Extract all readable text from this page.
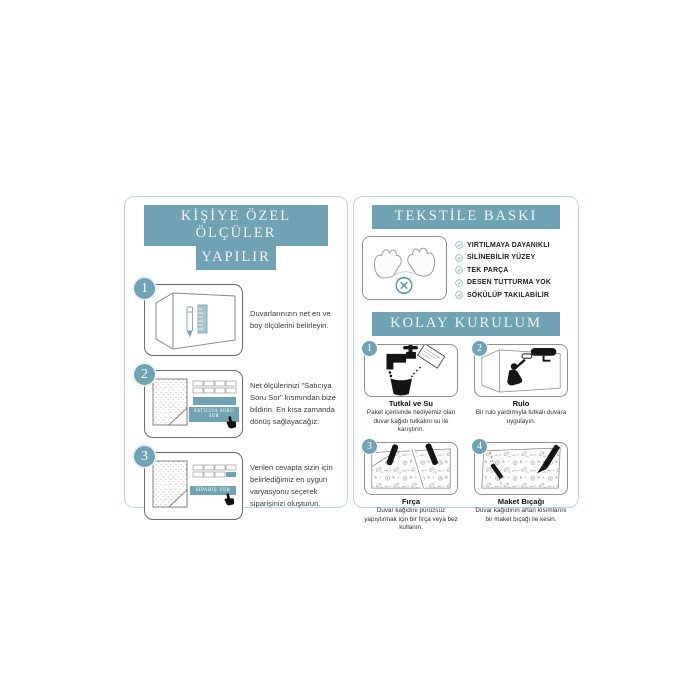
KİŞİYE ÖZEL ÖLÇÜLER
YAPILIR
1
Duvarlarınızın net en ve boy ölçülerini belirleyin.
2
SATICIYA SORU SOR
Net ölçülerinizi "Satıcıya Soru Sor" kısmından bize bildirin. En kısa zamanda dönüş sağlayacağız.
3
SİPARİŞ VER
Verilen cevapta sizin için belirlediğimiz en uygun varyasyonu seçerek siparişinizi oluşturun.
TEKSTİLE BASKI
YIRTILMAYA DAYANIKLI
SİLİNEBİLİR YÜZEY
TEK PARÇA
DESEN TUTTURMA YOK
SÖKÜLÜP TAKILABİLİR
KOLAY KURULUM
1
Tutkal ve Su
Paket içerisinde hediyemiz olan duvar kağıdı tutkalını su ile karıştırın.
2
Rulo
Bir rulo yardımıyla tutkalı duvara uygulayın.
3
Fırça
Duvar kağıdını pürüzsüz yapıştırmak için bir fırça veya bez kullanın.
4
Maket Bıçağı
Duvar kağıdının artan kısımlarını bir maket bıçağı ile kesin.
